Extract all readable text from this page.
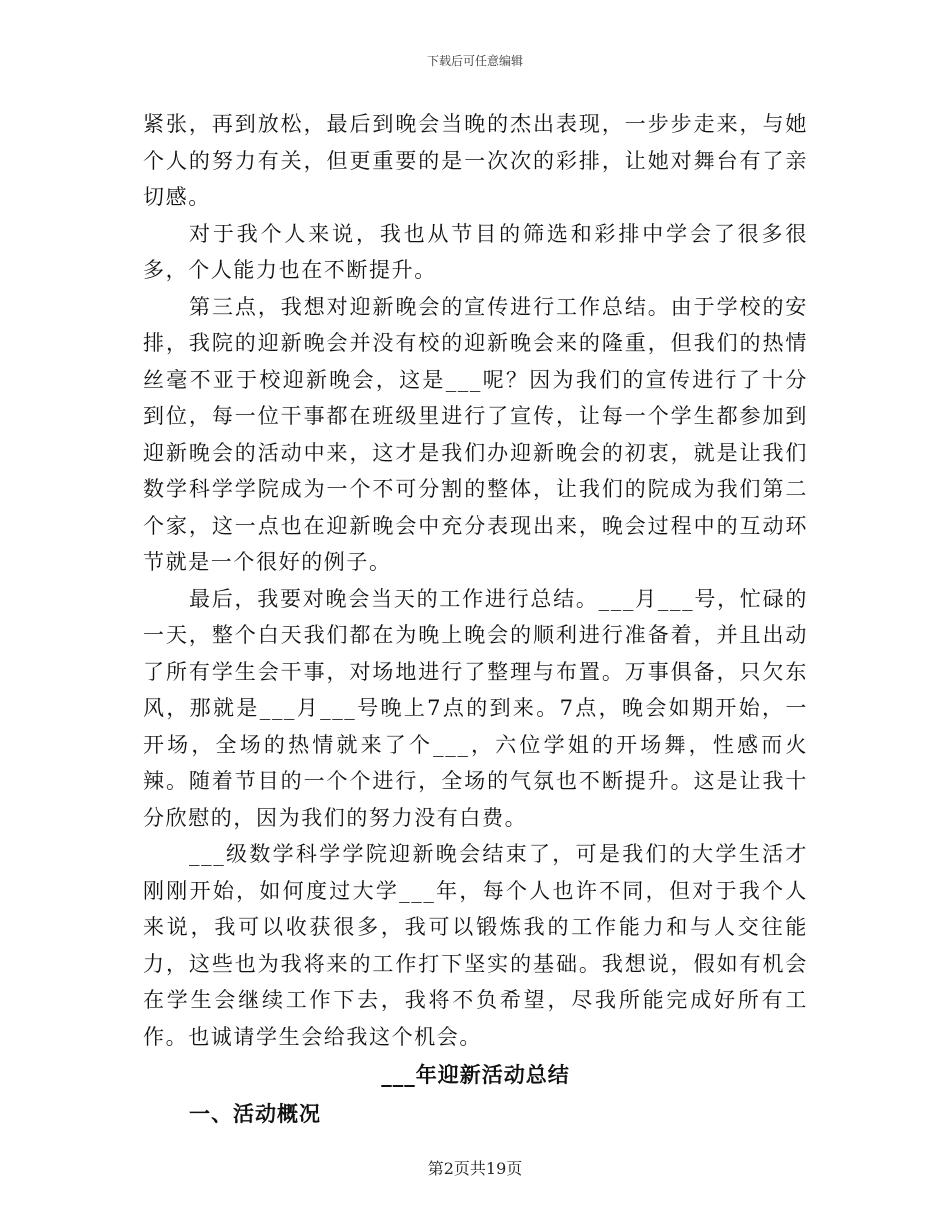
下载后可任意编辑

紧张，再到放松，最后到晚会当晚的杰出表现，一步步走来，与她个人的努力有关，但更重要的是一次次的彩排，让她对舞台有了亲切感。

对于我个人来说，我也从节目的筛选和彩排中学会了很多很多，个人能力也在不断提升。

第三点，我想对迎新晚会的宣传进行工作总结。由于学校的安排，我院的迎新晚会并没有校的迎新晚会来的隆重，但我们的热情丝毫不亚于校迎新晚会，这是___呢？因为我们的宣传进行了十分到位，每一位干事都在班级里进行了宣传，让每一个学生都参加到迎新晚会的活动中来，这才是我们办迎新晚会的初衷，就是让我们数学科学学院成为一个不可分割的整体，让我们的院成为我们第二个家，这一点也在迎新晚会中充分表现出来，晚会过程中的互动环节就是一个很好的例子。

最后，我要对晚会当天的工作进行总结。___月___号，忙碌的一天，整个白天我们都在为晚上晚会的顺利进行准备着，并且出动了所有学生会干事，对场地进行了整理与布置。万事俱备，只欠东风，那就是___月___号晚上7点的到来。7点，晚会如期开始，一开场，全场的热情就来了个___，六位学姐的开场舞，性感而火辣。随着节目的一个个进行，全场的气氛也不断提升。这是让我十分欣慰的，因为我们的努力没有白费。

___级数学科学学院迎新晚会结束了，可是我们的大学生活才刚刚开始，如何度过大学___年，每个人也许不同，但对于我个人来说，我可以收获很多，我可以锻炼我的工作能力和与人交往能力，这些也为我将来的工作打下坚实的基础。我想说，假如有机会在学生会继续工作下去，我将不负希望，尽我所能完成好所有工作。也诚请学生会给我这个机会。

___年迎新活动总结

一、活动概况

第2页共19页
